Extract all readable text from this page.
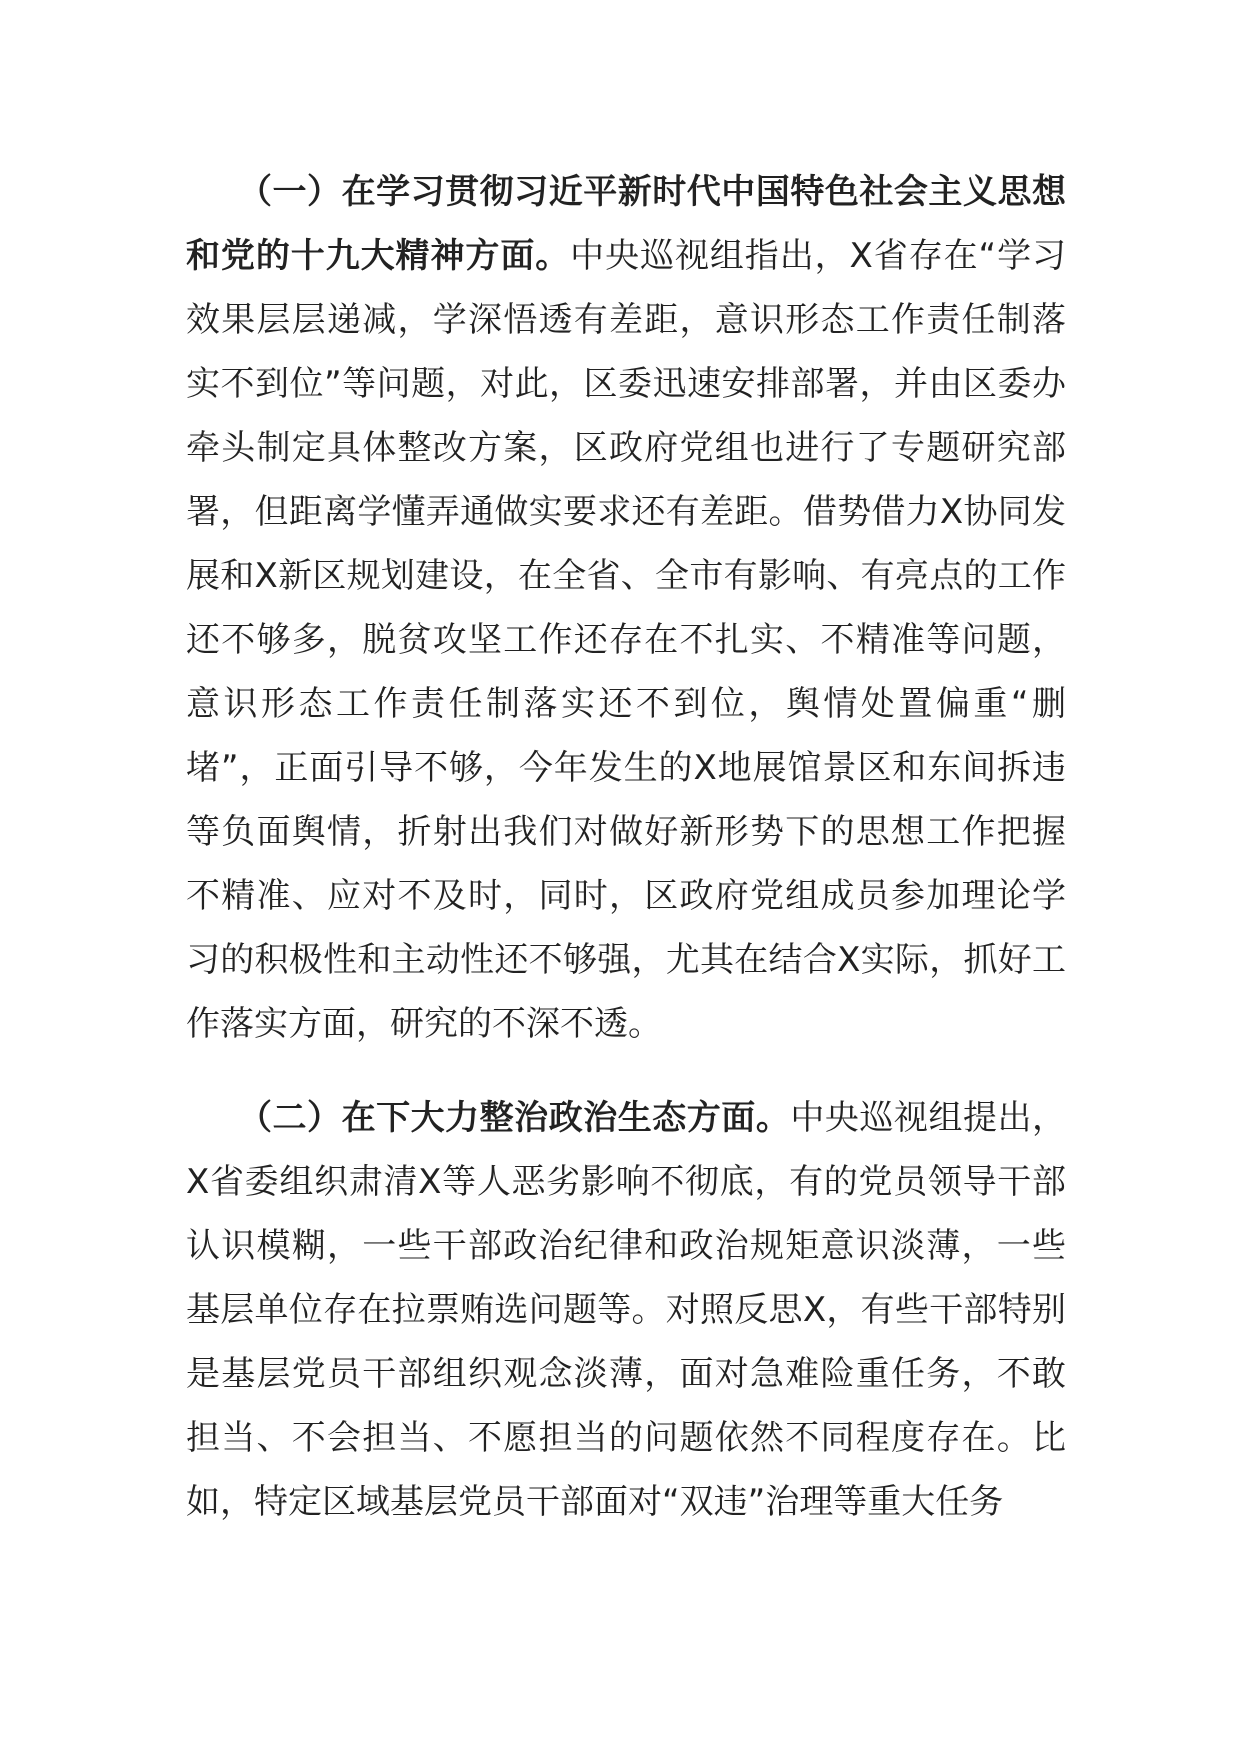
（一）在学习贯彻习近平新时代中国特色社会主义思想和党的十九大精神方面。中央巡视组指出，X省存在“学习效果层层递减，学深悟透有差距，意识形态工作责任制落实不到位”等问题，对此，区委迅速安排部署，并由区委办牵头制定具体整改方案，区政府党组也进行了专题研究部署，但距离学懂弄通做实要求还有差距。借势借力X协同发展和X新区规划建设，在全省、全市有影响、有亮点的工作还不够多，脱贫攻坚工作还存在不扎实、不精准等问题，意识形态工作责任制落实还不到位，舆情处置偏重“删堵”，正面引导不够，今年发生的X地展馆景区和东间拆违等负面舆情，折射出我们对做好新形势下的思想工作把握不精准、应对不及时，同时，区政府党组成员参加理论学习的积极性和主动性还不够强，尤其在结合X实际，抓好工作落实方面，研究的不深不透。

（二）在下大力整治政治生态方面。中央巡视组提出，X省委组织肃清X等人恶劣影响不彻底，有的党员领导干部认识模糊，一些干部政治纪律和政治规矩意识淡薄，一些基层单位存在拉票贿选问题等。对照反思X，有些干部特别是基层党员干部组织观念淡薄，面对急难险重任务，不敢担当、不会担当、不愿担当的问题依然不同程度存在。比如，特定区域基层党员干部面对“双违”治理等重大任务
